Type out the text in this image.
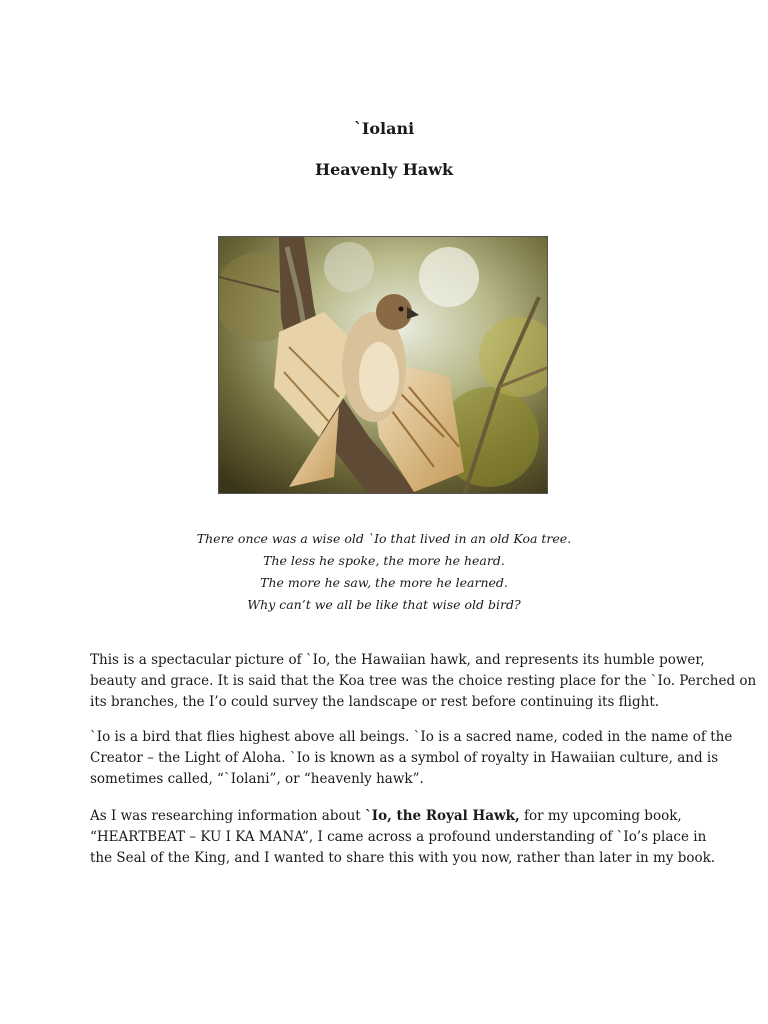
`Iolani
Heavenly Hawk
There once was a wise old `Io that lived in an old Koa tree.
The less he spoke, the more he heard.
The more he saw, the more he learned.
Why can’t we all be like that wise old bird?

This is a spectacular picture of `Io, the Hawaiian hawk, and represents its humble power,
beauty and grace. It is said that the Koa tree was the choice resting place for the `Io. Perched on
its branches, the I’o could survey the landscape or rest before continuing its flight.

`Io is a bird that flies highest above all beings. `Io is a sacred name, coded in the name of the
Creator – the Light of Aloha. `Io is known as a symbol of royalty in Hawaiian culture, and is
sometimes called, “`Iolani”, or “heavenly hawk”.

As I was researching information about `Io, the Royal Hawk, for my upcoming book,
“HEARTBEAT – KU I KA MANA”, I came across a profound understanding of `Io’s place in
the Seal of the King, and I wanted to share this with you now, rather than later in my book.
